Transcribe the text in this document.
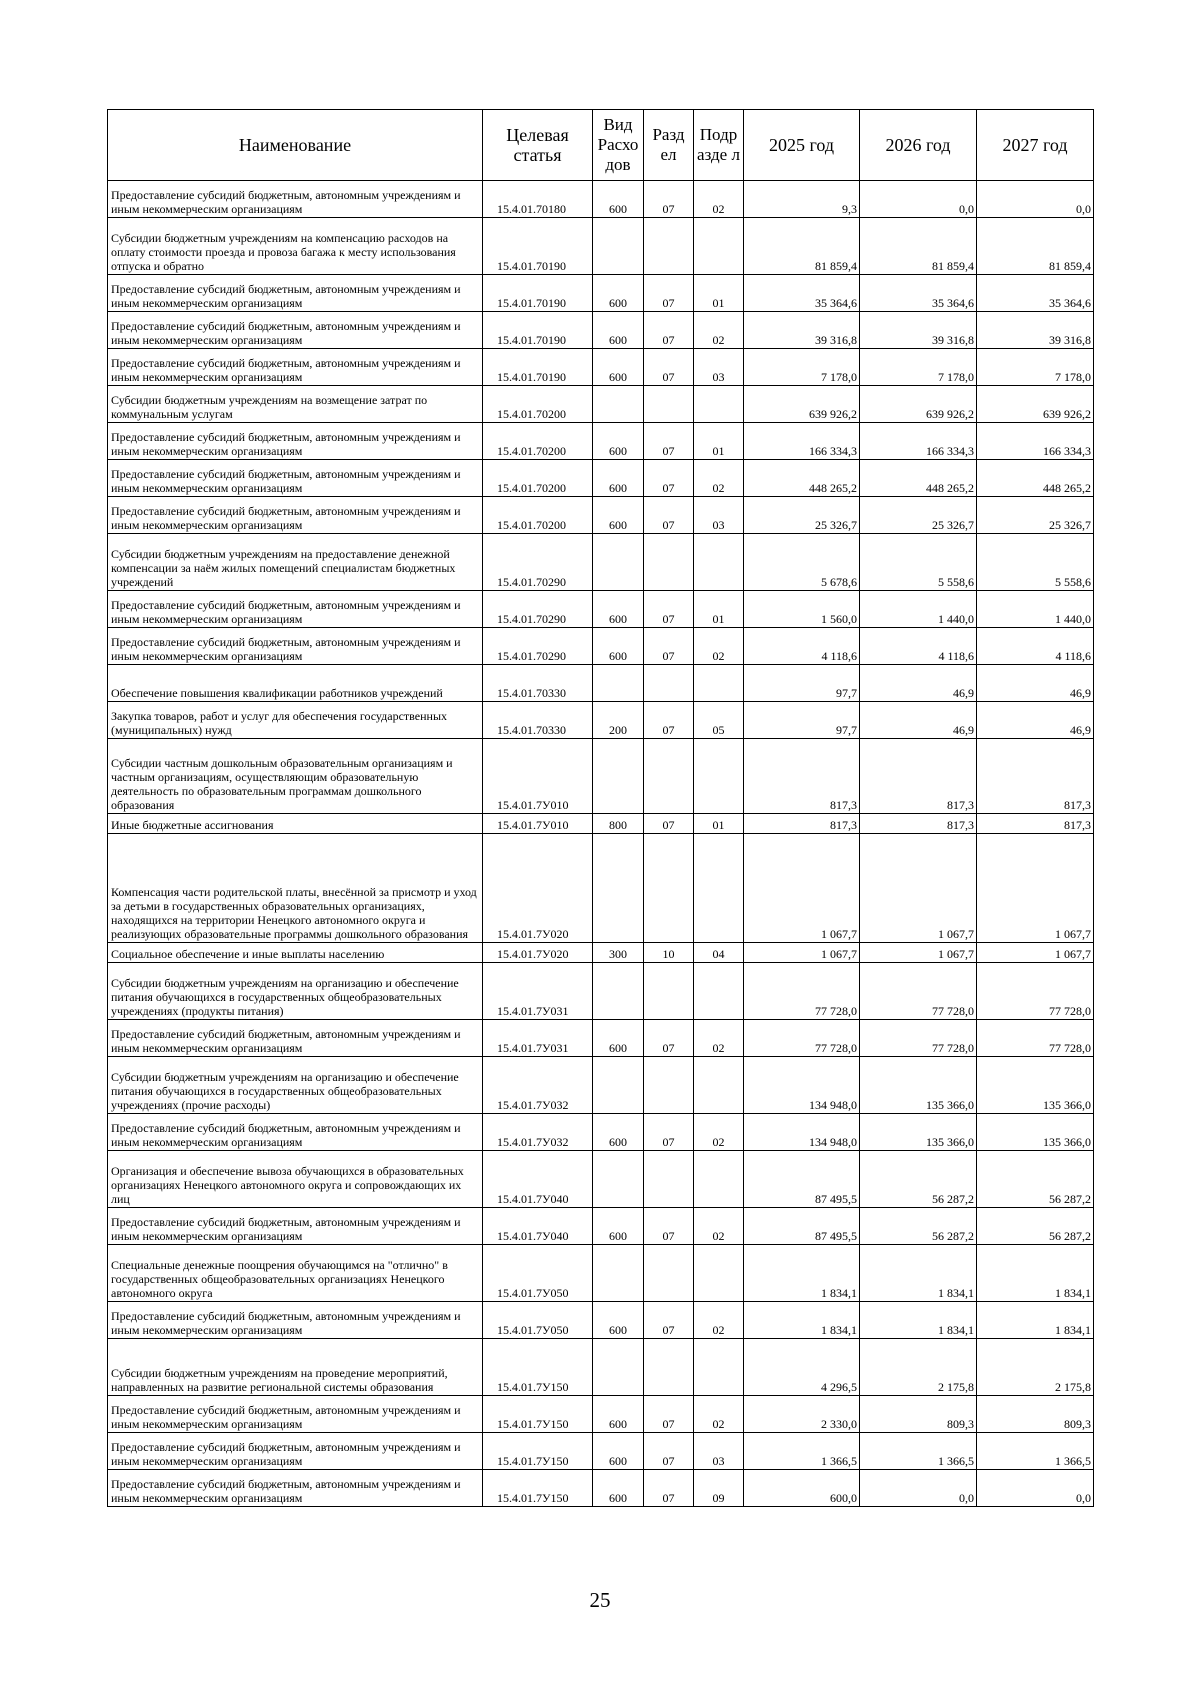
Наименование	Целевая статья	Вид Расхо дов	Разд ел	Подр азде л	2025 год	2026 год	2027 год
Предоставление субсидий бюджетным, автономным учреждениям и иным некоммерческим организациям	15.4.01.70180	600	07	02	9,3	0,0	0,0
Субсидии бюджетным учреждениям на компенсацию расходов на оплату стоимости проезда и провоза багажа к месту использования отпуска и обратно	15.4.01.70190				81 859,4	81 859,4	81 859,4
Предоставление субсидий бюджетным, автономным учреждениям и иным некоммерческим организациям	15.4.01.70190	600	07	01	35 364,6	35 364,6	35 364,6
Предоставление субсидий бюджетным, автономным учреждениям и иным некоммерческим организациям	15.4.01.70190	600	07	02	39 316,8	39 316,8	39 316,8
Предоставление субсидий бюджетным, автономным учреждениям и иным некоммерческим организациям	15.4.01.70190	600	07	03	7 178,0	7 178,0	7 178,0
Субсидии бюджетным учреждениям на возмещение затрат по коммунальным услугам	15.4.01.70200				639 926,2	639 926,2	639 926,2
Предоставление субсидий бюджетным, автономным учреждениям и иным некоммерческим организациям	15.4.01.70200	600	07	01	166 334,3	166 334,3	166 334,3
Предоставление субсидий бюджетным, автономным учреждениям и иным некоммерческим организациям	15.4.01.70200	600	07	02	448 265,2	448 265,2	448 265,2
Предоставление субсидий бюджетным, автономным учреждениям и иным некоммерческим организациям	15.4.01.70200	600	07	03	25 326,7	25 326,7	25 326,7
Субсидии бюджетным учреждениям на предоставление денежной компенсации за наём жилых помещений специалистам бюджетных учреждений	15.4.01.70290				5 678,6	5 558,6	5 558,6
Предоставление субсидий бюджетным, автономным учреждениям и иным некоммерческим организациям	15.4.01.70290	600	07	01	1 560,0	1 440,0	1 440,0
Предоставление субсидий бюджетным, автономным учреждениям и иным некоммерческим организациям	15.4.01.70290	600	07	02	4 118,6	4 118,6	4 118,6
Обеспечение повышения квалификации работников учреждений	15.4.01.70330				97,7	46,9	46,9
Закупка товаров, работ и услуг для обеспечения государственных (муниципальных) нужд	15.4.01.70330	200	07	05	97,7	46,9	46,9
Субсидии частным дошкольным образовательным организациям и частным организациям, осуществляющим образовательную деятельность по образовательным программам дошкольного образования	15.4.01.7У010				817,3	817,3	817,3
Иные бюджетные ассигнования	15.4.01.7У010	800	07	01	817,3	817,3	817,3
Компенсация части родительской платы, внесённой за присмотр и уход за детьми в государственных образовательных организациях, находящихся на территории Ненецкого автономного округа и реализующих образовательные программы дошкольного образования	15.4.01.7У020				1 067,7	1 067,7	1 067,7
Социальное обеспечение и иные выплаты населению	15.4.01.7У020	300	10	04	1 067,7	1 067,7	1 067,7
Субсидии бюджетным учреждениям на организацию и обеспечение питания обучающихся в государственных общеобразовательных учреждениях (продукты питания)	15.4.01.7У031				77 728,0	77 728,0	77 728,0
Предоставление субсидий бюджетным, автономным учреждениям и иным некоммерческим организациям	15.4.01.7У031	600	07	02	77 728,0	77 728,0	77 728,0
Субсидии бюджетным учреждениям на организацию и обеспечение питания обучающихся в государственных общеобразовательных учреждениях (прочие расходы)	15.4.01.7У032				134 948,0	135 366,0	135 366,0
Предоставление субсидий бюджетным, автономным учреждениям и иным некоммерческим организациям	15.4.01.7У032	600	07	02	134 948,0	135 366,0	135 366,0
Организация и обеспечение вывоза обучающихся в образовательных организациях Ненецкого автономного округа и сопровождающих их лиц	15.4.01.7У040				87 495,5	56 287,2	56 287,2
Предоставление субсидий бюджетным, автономным учреждениям и иным некоммерческим организациям	15.4.01.7У040	600	07	02	87 495,5	56 287,2	56 287,2
Специальные денежные поощрения обучающимся на "отлично" в государственных общеобразовательных организациях Ненецкого автономного округа	15.4.01.7У050				1 834,1	1 834,1	1 834,1
Предоставление субсидий бюджетным, автономным учреждениям и иным некоммерческим организациям	15.4.01.7У050	600	07	02	1 834,1	1 834,1	1 834,1
Субсидии бюджетным учреждениям на проведение мероприятий, направленных на развитие региональной системы образования	15.4.01.7У150				4 296,5	2 175,8	2 175,8
Предоставление субсидий бюджетным, автономным учреждениям и иным некоммерческим организациям	15.4.01.7У150	600	07	02	2 330,0	809,3	809,3
Предоставление субсидий бюджетным, автономным учреждениям и иным некоммерческим организациям	15.4.01.7У150	600	07	03	1 366,5	1 366,5	1 366,5
Предоставление субсидий бюджетным, автономным учреждениям и иным некоммерческим организациям	15.4.01.7У150	600	07	09	600,0	0,0	0,0
25
